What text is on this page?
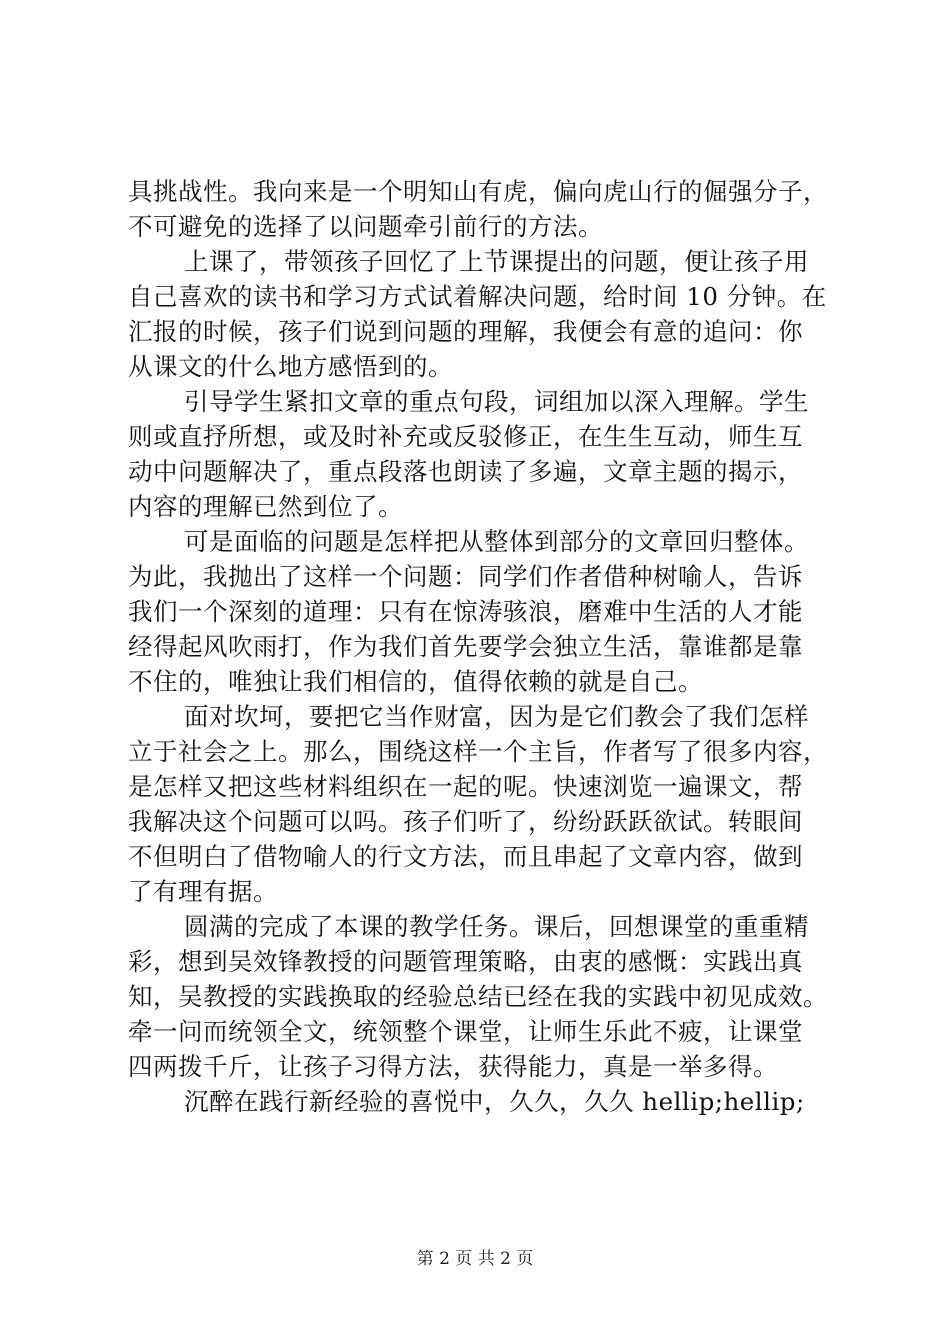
具挑战性。我向来是一个明知山有虎，偏向虎山行的倔强分子，
不可避免的选择了以问题牵引前行的方法。
上课了，带领孩子回忆了上节课提出的问题，便让孩子用
自己喜欢的读书和学习方式试着解决问题，给时间 10 分钟。在
汇报的时候，孩子们说到问题的理解，我便会有意的追问：你
从课文的什么地方感悟到的。
引导学生紧扣文章的重点句段，词组加以深入理解。学生
则或直抒所想，或及时补充或反驳修正，在生生互动，师生互
动中问题解决了，重点段落也朗读了多遍，文章主题的揭示，
内容的理解已然到位了。
可是面临的问题是怎样把从整体到部分的文章回归整体。
为此，我抛出了这样一个问题：同学们作者借种树喻人，告诉
我们一个深刻的道理：只有在惊涛骇浪，磨难中生活的人才能
经得起风吹雨打，作为我们首先要学会独立生活，靠谁都是靠
不住的，唯独让我们相信的，值得依赖的就是自己。
面对坎坷，要把它当作财富，因为是它们教会了我们怎样
立于社会之上。那么，围绕这样一个主旨，作者写了很多内容，
是怎样又把这些材料组织在一起的呢。快速浏览一遍课文，帮
我解决这个问题可以吗。孩子们听了，纷纷跃跃欲试。转眼间
不但明白了借物喻人的行文方法，而且串起了文章内容，做到
了有理有据。
圆满的完成了本课的教学任务。课后，回想课堂的重重精
彩，想到吴效锋教授的问题管理策略，由衷的感慨：实践出真
知，吴教授的实践换取的经验总结已经在我的实践中初见成效。
牵一问而统领全文，统领整个课堂，让师生乐此不疲，让课堂
四两拨千斤，让孩子习得方法，获得能力，真是一举多得。
沉醉在践行新经验的喜悦中，久久，久久 hellip;hellip;
第 2 页 共 2 页
